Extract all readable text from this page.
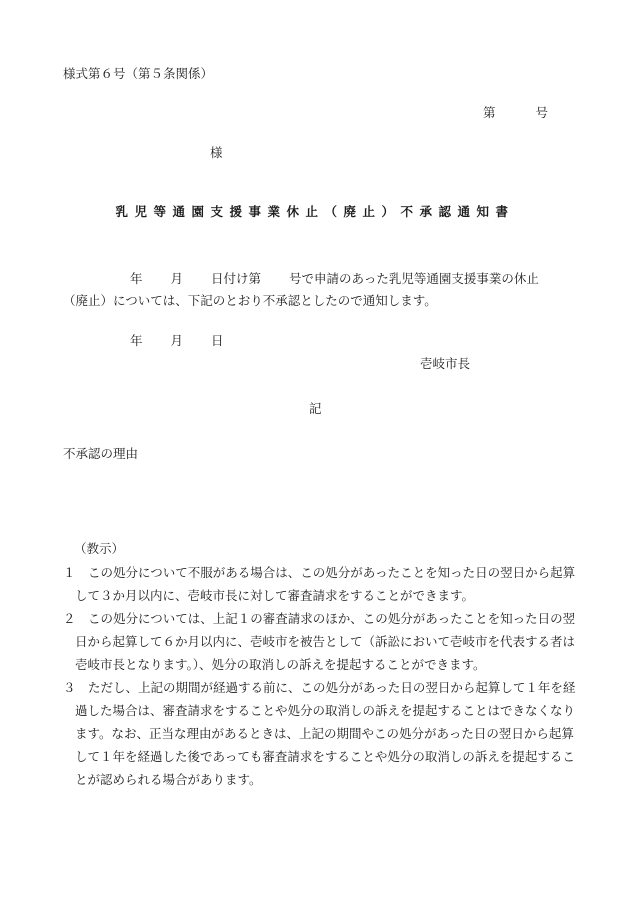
様式第６号（第５条関係）
第	号
様
乳児等通園支援事業休止（廃止）不承認通知書
年 月 日付け第 号で申請のあった乳児等通園支援事業の休止
（廃止）については、下記のとおり不承認としたので通知します。
年 月 日
壱岐市長
記
不承認の理由
（教示）
１ この処分について不服がある場合は、この処分があったことを知った日の翌日から起算
して３か月以内に、壱岐市長に対して審査請求をすることができます。
２ この処分については、上記１の審査請求のほか、この処分があったことを知った日の翌
日から起算して６か月以内に、壱岐市を被告として（訴訟において壱岐市を代表する者は
壱岐市長となります。）、処分の取消しの訴えを提起することができます。
３ ただし、上記の期間が経過する前に、この処分があった日の翌日から起算して１年を経
過した場合は、審査請求をすることや処分の取消しの訴えを提起することはできなくなり
ます。なお、正当な理由があるときは、上記の期間やこの処分があった日の翌日から起算
して１年を経過した後であっても審査請求をすることや処分の取消しの訴えを提起するこ
とが認められる場合があります。
